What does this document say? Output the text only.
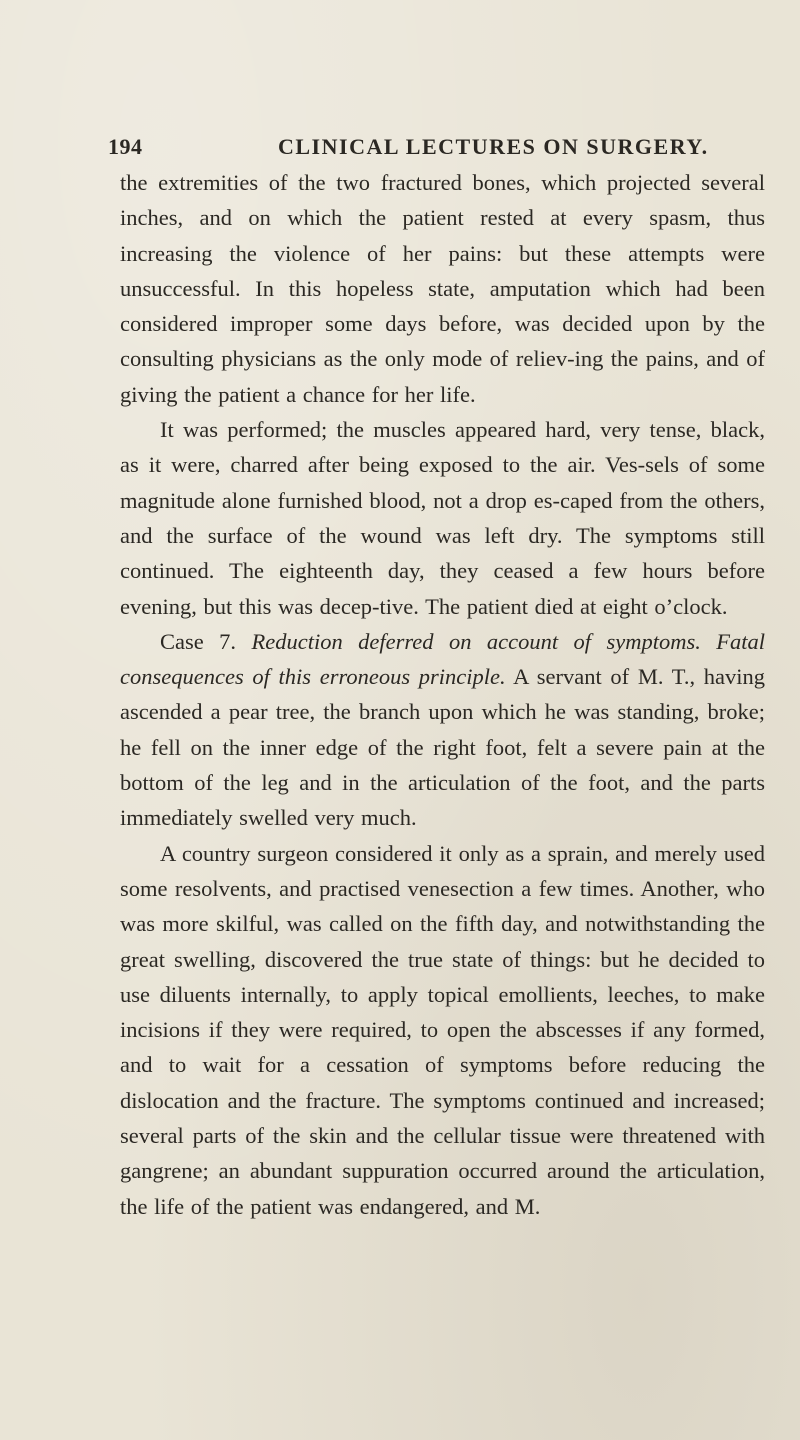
194	CLINICAL LECTURES ON SURGERY.

the extremities of the two fractured bones, which projected several inches, and on which the patient rested at every spasm, thus increasing the violence of her pains: but these attempts were unsuccessful. In this hopeless state, amputation which had been considered improper some days before, was decided upon by the consulting physicians as the only mode of reliev-ing the pains, and of giving the patient a chance for her life.

It was performed; the muscles appeared hard, very tense, black, as it were, charred after being exposed to the air. Ves-sels of some magnitude alone furnished blood, not a drop es-caped from the others, and the surface of the wound was left dry. The symptoms still continued. The eighteenth day, they ceased a few hours before evening, but this was decep-tive. The patient died at eight o’clock.

Case 7. Reduction deferred on account of symptoms. Fatal consequences of this erroneous principle. A servant of M. T., having ascended a pear tree, the branch upon which he was standing, broke; he fell on the inner edge of the right foot, felt a severe pain at the bottom of the leg and in the articulation of the foot, and the parts immediately swelled very much.

A country surgeon considered it only as a sprain, and merely used some resolvents, and practised venesection a few times. Another, who was more skilful, was called on the fifth day, and notwithstanding the great swelling, discovered the true state of things: but he decided to use diluents internally, to apply topical emollients, leeches, to make incisions if they were required, to open the abscesses if any formed, and to wait for a cessation of symptoms before reducing the dislocation and the fracture. The symptoms continued and increased; several parts of the skin and the cellular tissue were threatened with gangrene; an abundant suppuration occurred around the articulation, the life of the patient was endangered, and M.
